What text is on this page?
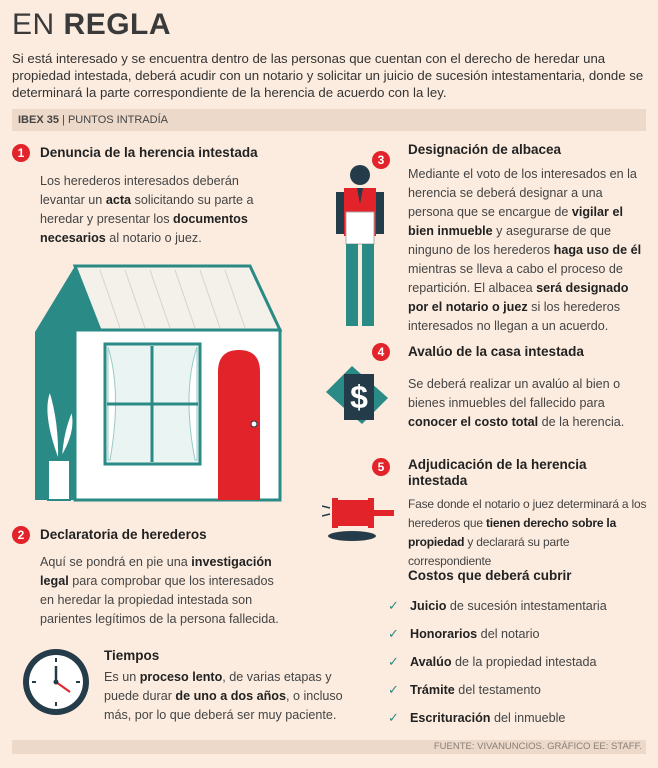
EN REGLA
Si está interesado y se encuentra dentro de las personas que cuentan con el derecho de heredar una propiedad intestada, deberá acudir con un notario y solicitar un juicio de sucesión intestamentaria, donde se determinará la parte correspondiente de la herencia de acuerdo con la ley.
IBEX 35 | PUNTOS INTRADÍA
1	Denuncia de la herencia intestada
Los herederos interesados deberán levantar un acta solicitando su parte a heredar y presentar los documentos necesarios al notario o juez.
2	Declaratoria de herederos
Aquí se pondrá en pie una investigación legal para comprobar que los interesados en heredar la propiedad intestada son parientes legítimos de la persona fallecida.
Tiempos
Es un proceso lento, de varias etapas y puede durar de uno a dos años, o incluso más, por lo que deberá ser muy paciente.
3
Designación de albacea
Mediante el voto de los interesados en la herencia se deberá designar a una persona que se encargue de vigilar el bien inmueble y asegurarse de que ninguno de los herederos haga uso de él mientras se lleva a cabo el proceso de repartición. El albacea será designado por el notario o juez si los herederos interesados no llegan a un acuerdo.
4	Avalúo de la casa intestada
$	Se deberá realizar un avalúo al bien o bienes inmuebles del fallecido para conocer el costo total de la herencia.
5	Adjudicación de la herencia intestada
Fase donde el notario o juez determinará a los herederos que tienen derecho sobre la propiedad y declarará su parte correspondiente
Costos que deberá cubrir
✓ Juicio de sucesión intestamentaria
✓ Honorarios del notario
✓ Avalúo de la propiedad intestada
✓ Trámite del testamento
✓ Escrituración del inmueble
FUENTE: VIVANUNCIOS. GRÁFICO EE: STAFF.
